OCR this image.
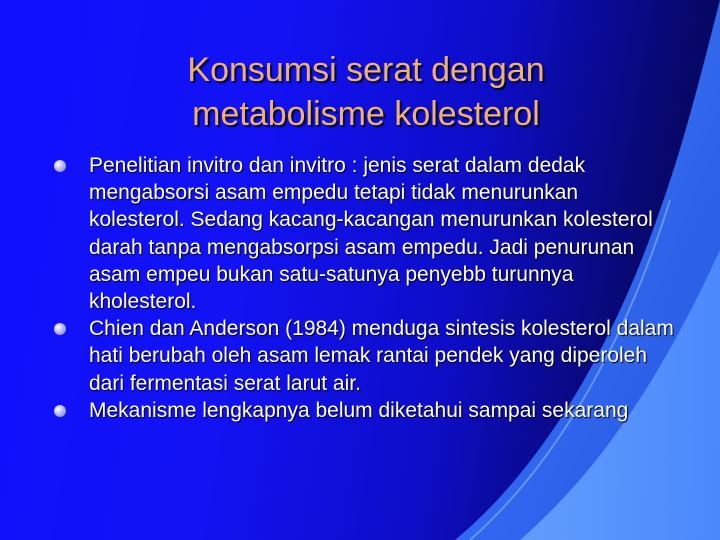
Konsumsi serat dengan
metabolisme kolesterol
Penelitian invitro dan invitro : jenis serat dalam dedak mengabsorsi asam empedu tetapi tidak menurunkan kolesterol. Sedang kacang-kacangan menurunkan kolesterol darah tanpa mengabsorpsi asam empedu. Jadi penurunan asam empeu bukan satu-satunya penyebb turunnya kholesterol.
Chien dan Anderson (1984) menduga sintesis kolesterol dalam hati berubah oleh asam lemak rantai pendek yang diperoleh dari fermentasi serat larut air.
Mekanisme lengkapnya belum diketahui sampai sekarang
